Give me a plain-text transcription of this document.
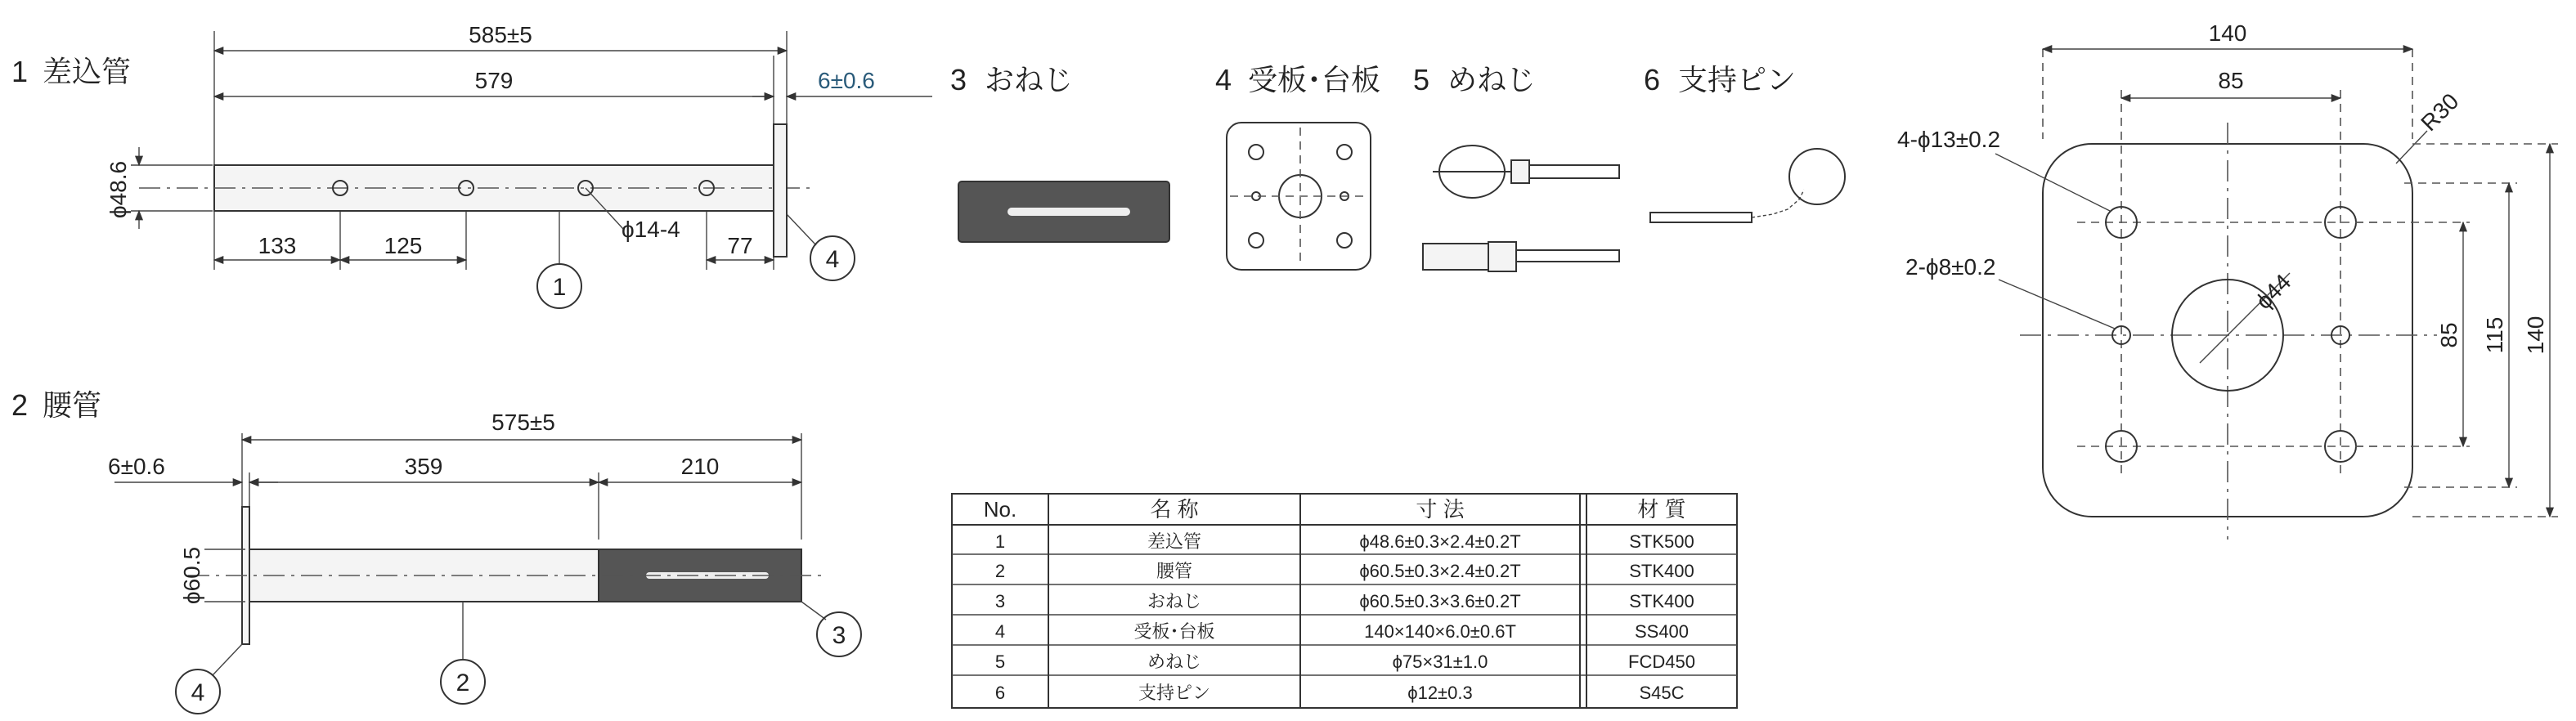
1 差込管
585±5
579	6±0.6
ϕ48.6
ϕ14-4
133	125	77
1
4
2 腰管
575±5
6±0.6	359	210
ϕ60.5
4	2
3
3 おねじ	4 受板･台板 5 めねじ	6 支持ピン
No.	名 称	寸 法	材 質
1	差込管	ϕ48.6±0.3×2.4±0.2T	STK500
2	腰管	ϕ60.5±0.3×2.4±0.2T	STK400
3	おねじ	ϕ60.5±0.3×3.6±0.2T	STK400
4	受板･台板	140×140×6.0±0.6T	SS400
5	めねじ	ϕ75×31±1.0	FCD450
6	支持ピン	ϕ12±0.3	S45C
140
85
R30
ϕ44
4-ϕ13±0.2
2-ϕ8±0.2
85 115 140
